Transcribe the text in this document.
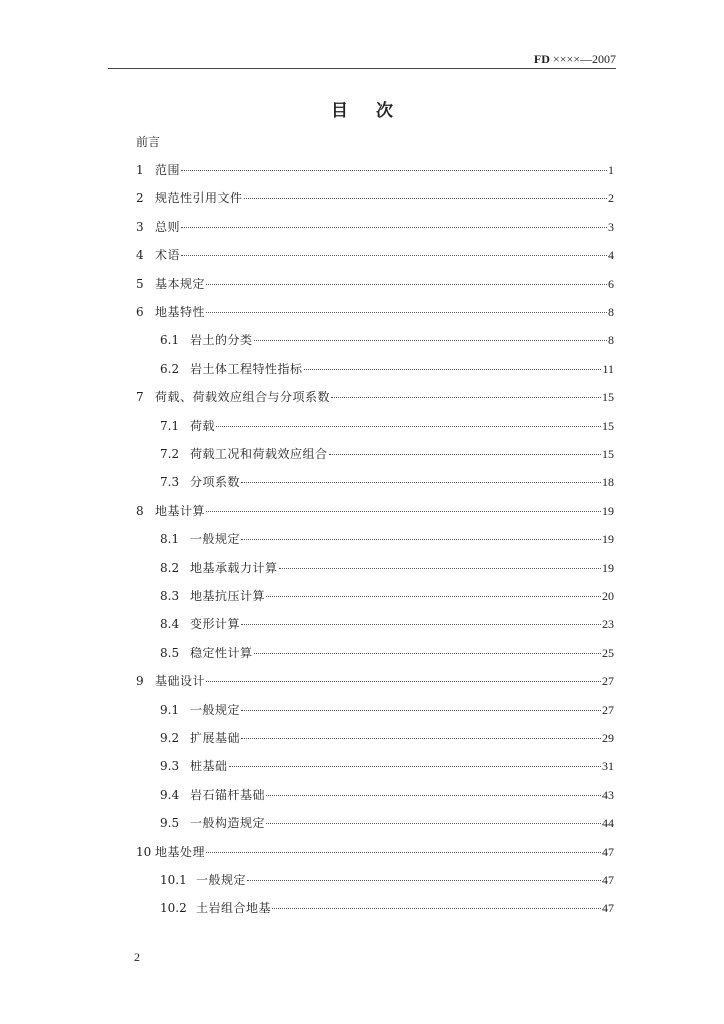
FD ××××—2007
目次
前言
1 范围	1
2 规范性引用文件	2
3 总则	3
4 术语	4
5 基本规定	6
6 地基特性	8
6.1 岩土的分类	8
6.2 岩土体工程特性指标	11
7 荷载、荷载效应组合与分项系数	15
7.1 荷载	15
7.2 荷载工况和荷载效应组合	15
7.3 分项系数	18
8 地基计算	19
8.1 一般规定	19
8.2 地基承载力计算	19
8.3 地基抗压计算	20
8.4 变形计算	23
8.5 稳定性计算	25
9 基础设计	27
9.1 一般规定	27
9.2 扩展基础	29
9.3 桩基础	31
9.4 岩石锚杆基础	43
9.5 一般构造规定	44
10 地基处理	47
10.1 一般规定	47
10.2 土岩组合地基	47
2
